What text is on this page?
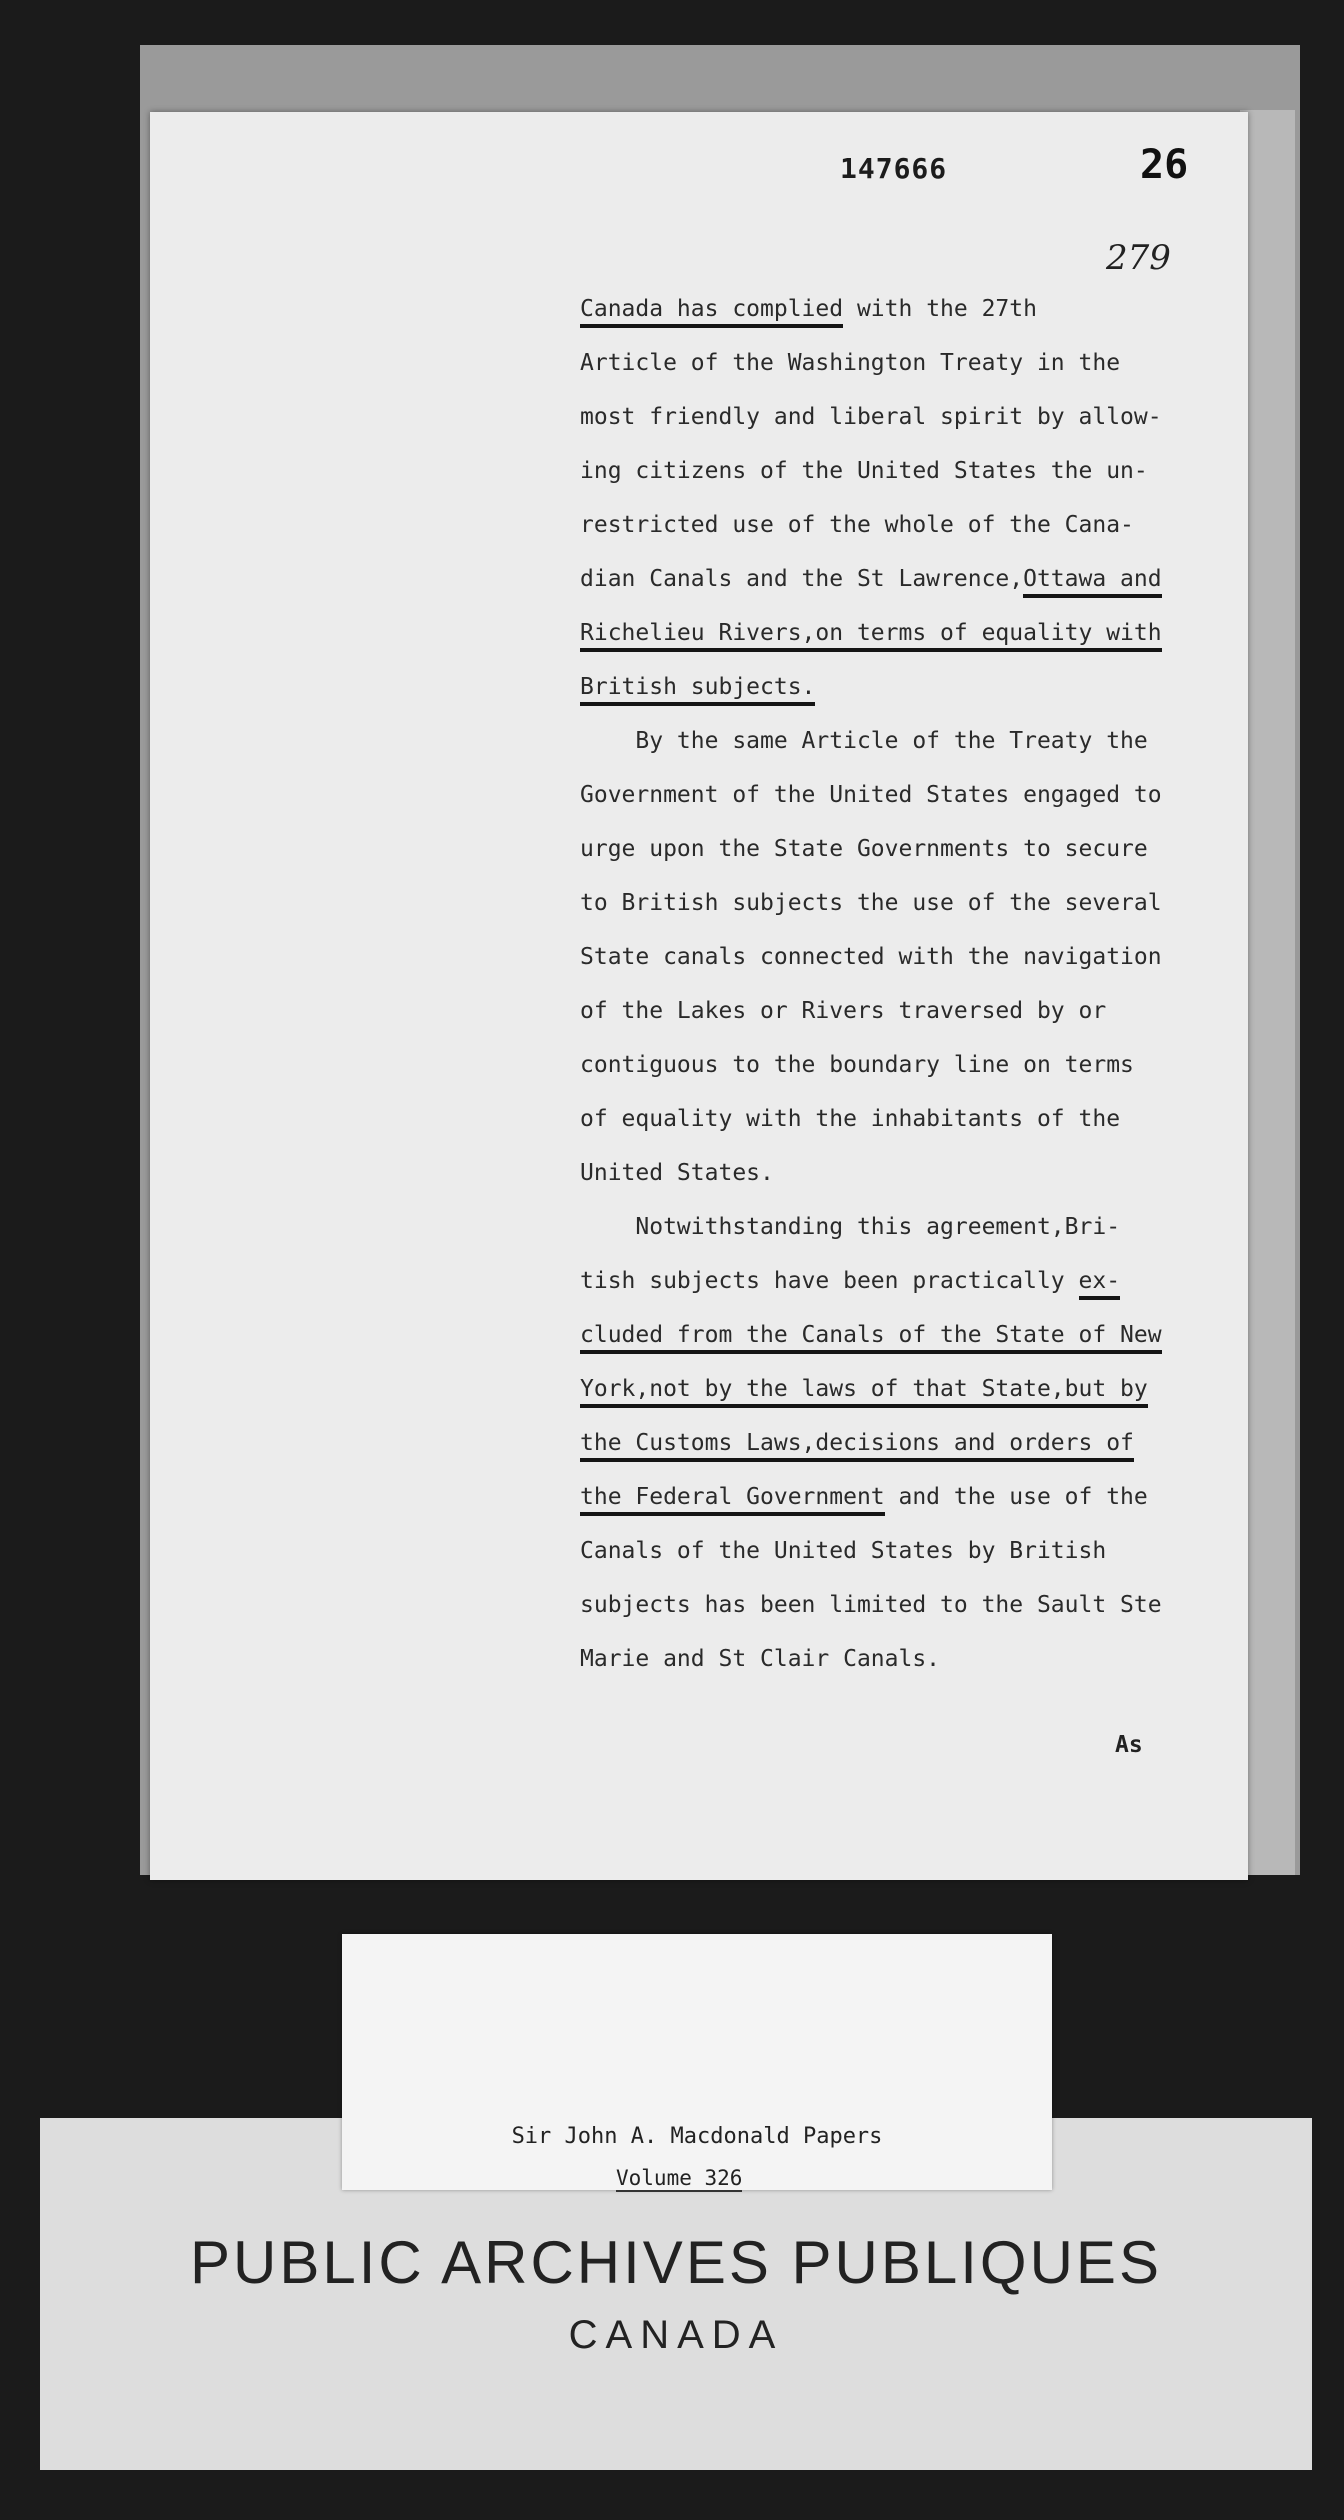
147666	26
279
Canada has complied with the 27th
Article of the Washington Treaty in the
most friendly and liberal spirit by allow-
ing citizens of the United States the un-
restricted use of the whole of the Cana-
dian Canals and the St Lawrence,Ottawa and
Richelieu Rivers,on terms of equality with
British subjects.
By the same Article of the Treaty the
Government of the United States engaged to
urge upon the State Governments to secure
to British subjects the use of the several
State canals connected with the navigation
of the Lakes or Rivers traversed by or
contiguous to the boundary line on terms
of equality with the inhabitants of the
United States.
Notwithstanding this agreement,Bri-
tish subjects have been practically ex-
cluded from the Canals of the State of New
York,not by the laws of that State,but by
the Customs Laws,decisions and orders of
the Federal Government and the use of the
Canals of the United States by British
subjects has been limited to the Sault Ste
Marie and St Clair Canals.
As
PUBLIC ARCHIVES PUBLIQUES
CANADA
Sir John A. Macdonald Papers
Volume 326
